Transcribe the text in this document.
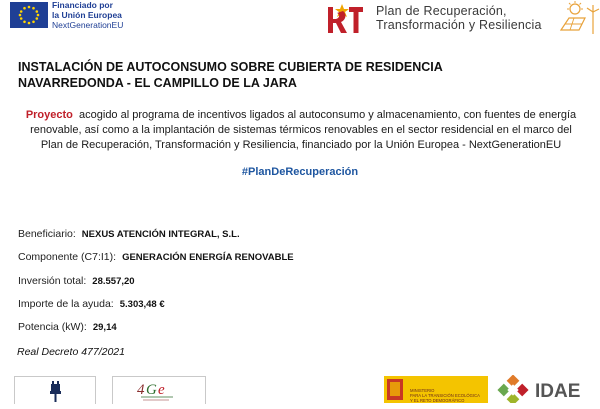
Financiado por
la Unión Europea
NextGenerationEU
Plan de Recuperación,
Transformación y Resiliencia
INSTALACIÓN DE AUTOCONSUMO SOBRE CUBIERTA DE RESIDENCIA
NAVARREDONDA - EL CAMPILLO DE LA JARA
Proyecto acogido al programa de incentivos ligados al autoconsumo y almacenamiento, con fuentes de energía renovable, así como a la implantación de sistemas térmicos renovables en el sector residencial en el marco del Plan de Recuperación, Transformación y Resiliencia, financiado por la Unión Europea - NextGenerationEU
#PlanDeRecuperación
Beneficiario: NEXUS ATENCIÓN INTEGRAL, S.L.
Componente (C7:I1): GENERACIÓN ENERGÍA RENOVABLE
Inversión total: 28.557,20
Importe de la ayuda: 5.303,48 €
Potencia (kW): 29,14
Real Decreto 477/2021
4 G e	MINISTERIO
PARA LA TRANSICIÓN ECOLÓGICA
Y EL RETO DEMOGRÁFICO	IDAE
